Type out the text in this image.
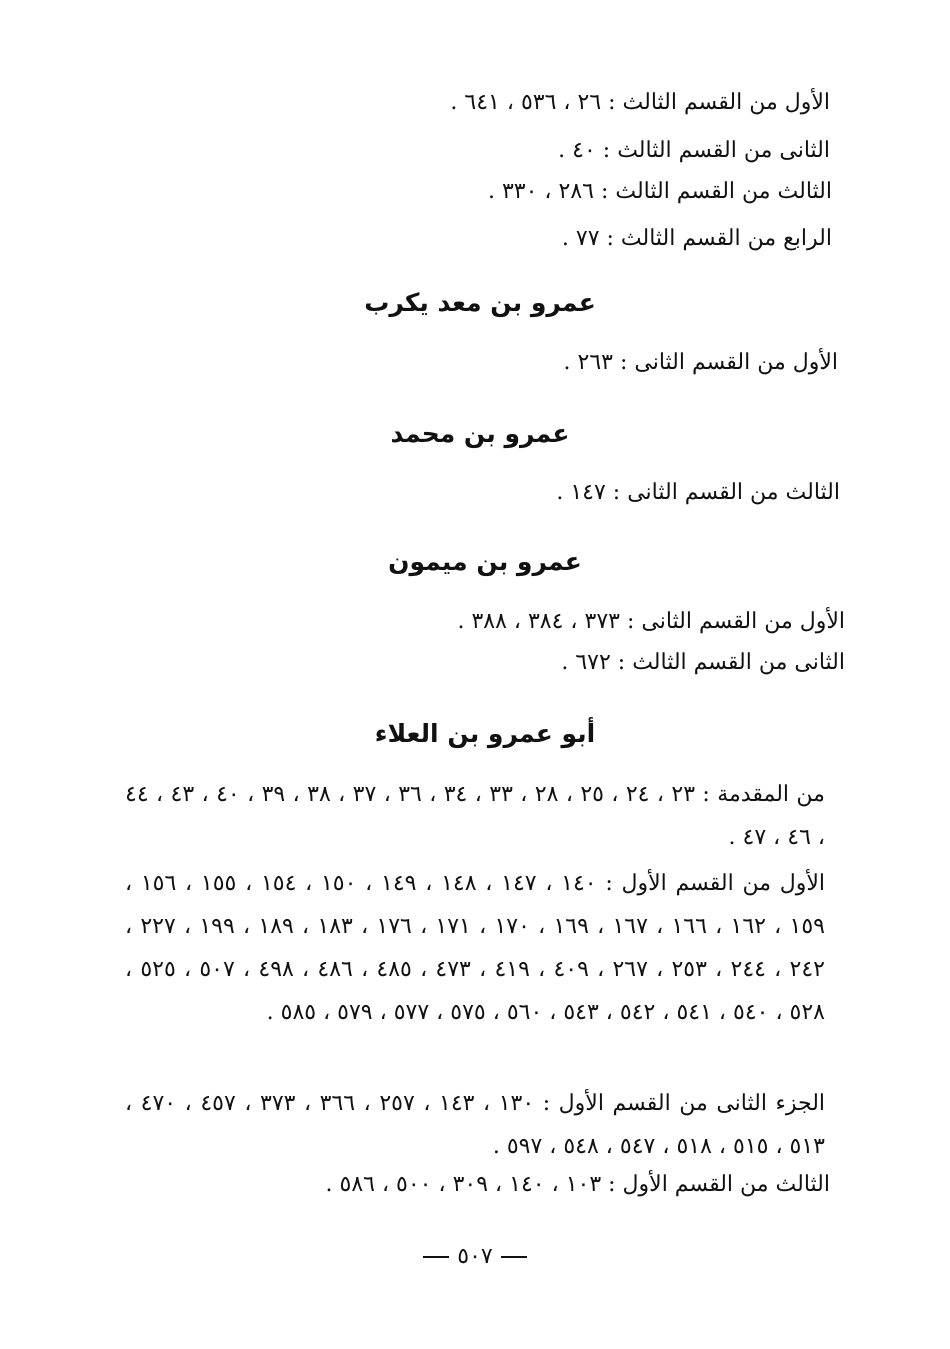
الأول من القسم الثالث : ٢٦ ، ٥٣٦ ، ٦٤١ .
الثانى من القسم الثالث : ٤٠ .
الثالث من القسم الثالث : ٢٨٦ ، ٣٣٠ .
الرابع من القسم الثالث : ٧٧ .
عمرو بن معد يكرب
الأول من القسم الثانى : ٢٦٣ .
عمرو بن محمد
الثالث من القسم الثانى : ١٤٧ .
عمرو بن ميمون
الأول من القسم الثانى : ٣٧٣ ، ٣٨٤ ، ٣٨٨ .
الثانى من القسم الثالث : ٦٧٢ .
أبو عمرو بن العلاء
من المقدمة : ٢٣ ، ٢٤ ، ٢٥ ، ٢٨ ، ٣٣ ، ٣٤ ، ٣٦ ، ٣٧ ، ٣٨ ، ٣٩ ، ٤٠ ، ٤٣ ، ٤٤ ، ٤٦ ، ٤٧ .
الأول من القسم الأول : ١٤٠ ، ١٤٧ ، ١٤٨ ، ١٤٩ ، ١٥٠ ، ١٥٤ ، ١٥٥ ، ١٥٦ ، ١٥٩ ، ١٦٢ ، ١٦٦ ، ١٦٧ ، ١٦٩ ، ١٧٠ ، ١٧١ ، ١٧٦ ، ١٨٣ ، ١٨٩ ، ١٩٩ ، ٢٢٧ ، ٢٤٢ ، ٢٤٤ ، ٢٥٣ ، ٢٦٧ ، ٤٠٩ ، ٤١٩ ، ٤٧٣ ، ٤٨٥ ، ٤٨٦ ، ٤٩٨ ، ٥٠٧ ، ٥٢٥ ، ٥٢٨ ، ٥٤٠ ، ٥٤١ ، ٥٤٢ ، ٥٤٣ ، ٥٦٠ ، ٥٧٥ ، ٥٧٧ ، ٥٧٩ ، ٥٨٥ .
الجزء الثانى من القسم الأول : ١٣٠ ، ١٤٣ ، ٢٥٧ ، ٣٦٦ ، ٣٧٣ ، ٤٥٧ ، ٤٧٠ ، ٥١٣ ، ٥١٥ ، ٥١٨ ، ٥٤٧ ، ٥٤٨ ، ٥٩٧ .
الثالث من القسم الأول : ١٠٣ ، ١٤٠ ، ٣٠٩ ، ٥٠٠ ، ٥٨٦ .
٥٠٧
